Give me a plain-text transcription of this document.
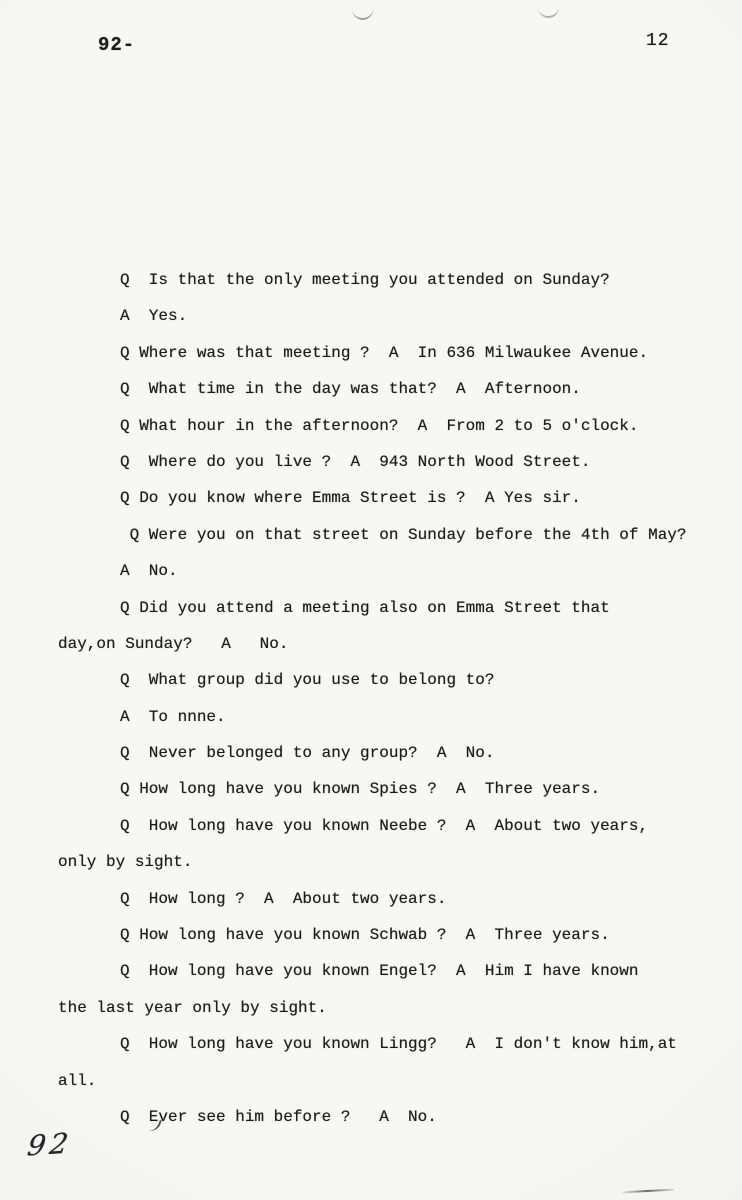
92-	12
Q  Is that the only meeting you attended on Sunday?
A  Yes.
Q Where was that meeting ?  A  In 636 Milwaukee Avenue.
Q  What time in the day was that?  A  Afternoon.
Q What hour in the afternoon?  A  From 2 to 5 o'clock.
Q  Where do you live ?  A  943 North Wood Street.
Q Do you know where Emma Street is ?  A Yes sir.
Q Were you on that street on Sunday before the 4th of May?
A  No.
Q Did you attend a meeting also on Emma Street that
day,on Sunday?   A   No.
Q  What group did you use to belong to?
A  To nnne.
Q  Never belonged to any group?  A  No.
Q How long have you known Spies ?  A  Three years.
Q  How long have you known Neebe ?  A  About two years,
only by sight.
Q  How long ?  A  About two years.
Q How long have you known Schwab ?  A  Three years.
Q  How long have you known Engel?  A  Him I have known
the last year only by sight.
Q  How long have you known Lingg?   A  I don't know him,at
all.
Q  Ever see him before ?   A  No.
92
